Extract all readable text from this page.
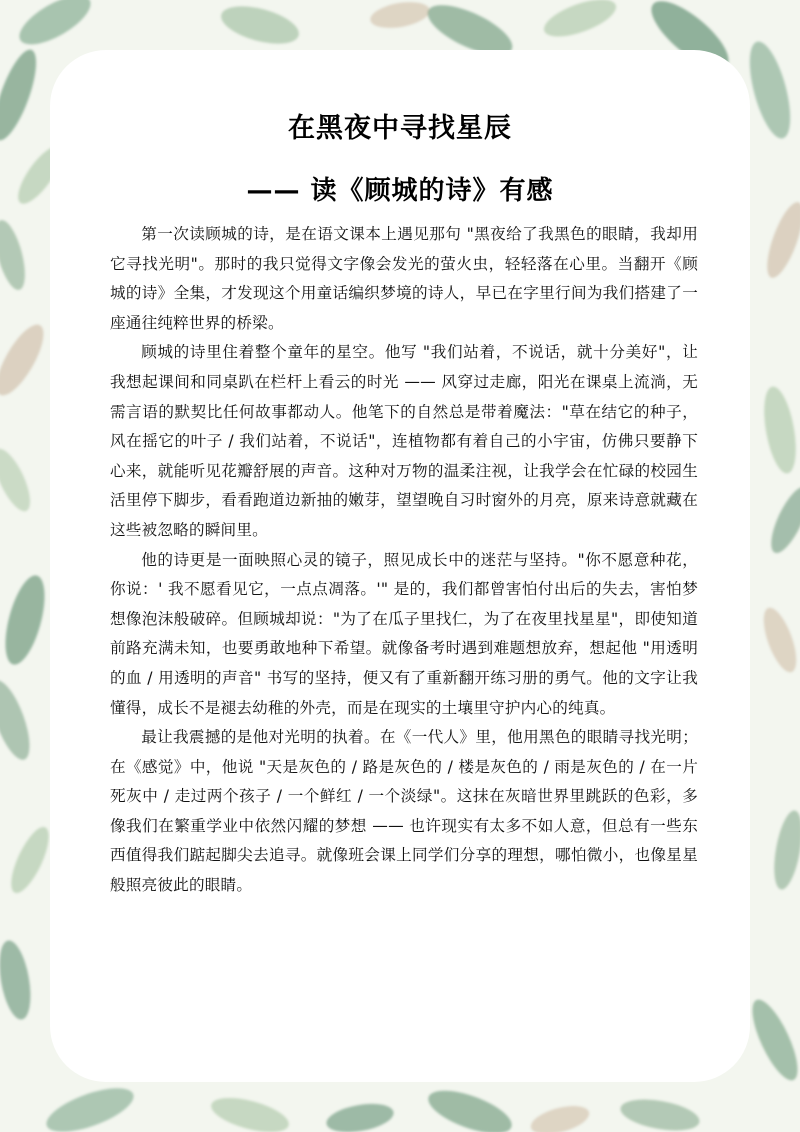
在黑夜中寻找星辰
—— 读《顾城的诗》有感

第一次读顾城的诗，是在语文课本上遇见那句 "黑夜给了我黑色的眼睛，我却用它寻找光明"。那时的我只觉得文字像会发光的萤火虫，轻轻落在心里。当翻开《顾城的诗》全集，才发现这个用童话编织梦境的诗人，早已在字里行间为我们搭建了一座通往纯粹世界的桥梁。

顾城的诗里住着整个童年的星空。他写 "我们站着，不说话，就十分美好"，让我想起课间和同桌趴在栏杆上看云的时光 —— 风穿过走廊，阳光在课桌上流淌，无需言语的默契比任何故事都动人。他笔下的自然总是带着魔法："草在结它的种子，风在摇它的叶子 / 我们站着，不说话"，连植物都有着自己的小宇宙，仿佛只要静下心来，就能听见花瓣舒展的声音。这种对万物的温柔注视，让我学会在忙碌的校园生活里停下脚步，看看跑道边新抽的嫩芽，望望晚自习时窗外的月亮，原来诗意就藏在这些被忽略的瞬间里。

他的诗更是一面映照心灵的镜子，照见成长中的迷茫与坚持。"你不愿意种花，你说：' 我不愿看见它，一点点凋落。'" 是的，我们都曾害怕付出后的失去，害怕梦想像泡沫般破碎。但顾城却说："为了在瓜子里找仁，为了在夜里找星星"，即使知道前路充满未知，也要勇敢地种下希望。就像备考时遇到难题想放弃，想起他 "用透明的血 / 用透明的声音" 书写的坚持，便又有了重新翻开练习册的勇气。他的文字让我懂得，成长不是褪去幼稚的外壳，而是在现实的土壤里守护内心的纯真。

最让我震撼的是他对光明的执着。在《一代人》里，他用黑色的眼睛寻找光明；在《感觉》中，他说 "天是灰色的 / 路是灰色的 / 楼是灰色的 / 雨是灰色的 / 在一片死灰中 / 走过两个孩子 / 一个鲜红 / 一个淡绿"。这抹在灰暗世界里跳跃的色彩，多像我们在繁重学业中依然闪耀的梦想 —— 也许现实有太多不如人意，但总有一些东西值得我们踮起脚尖去追寻。就像班会课上同学们分享的理想，哪怕微小，也像星星般照亮彼此的眼睛。
